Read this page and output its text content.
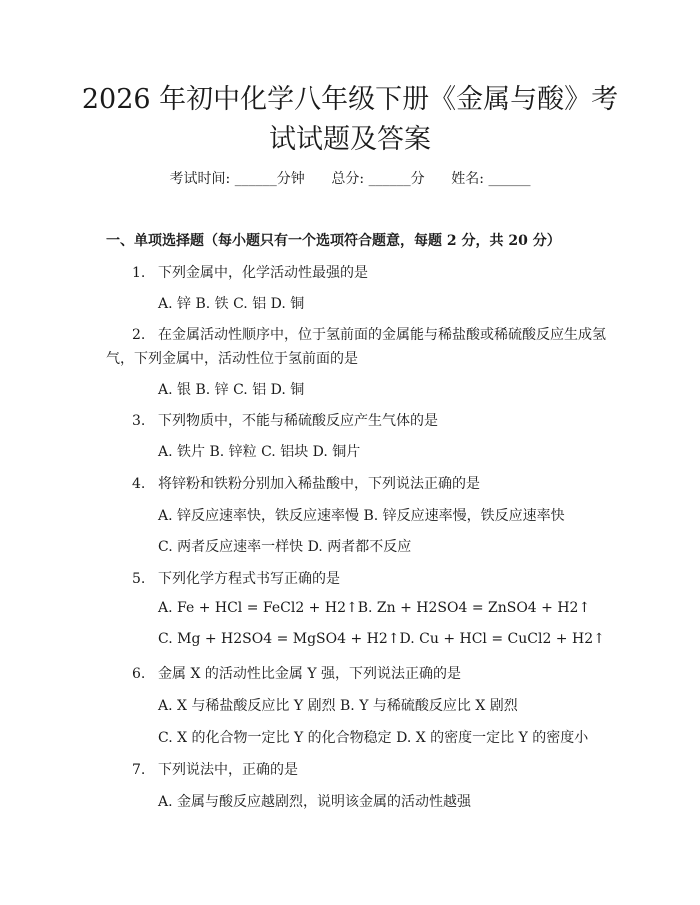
2026 年初中化学八年级下册《金属与酸》考
试试题及答案
考试时间: ______分钟      总分: ______分      姓名: ______
一、单项选择题（每小题只有一个选项符合题意，每题 2 分，共 20 分）
1. 下列金属中，化学活动性最强的是
A. 锌 B. 铁 C. 铝 D. 铜
2. 在金属活动性顺序中，位于氢前面的金属能与稀盐酸或稀硫酸反应生成氢
气，下列金属中，活动性位于氢前面的是
A. 银 B. 锌 C. 铝 D. 铜
3. 下列物质中，不能与稀硫酸反应产生气体的是
A. 铁片 B. 锌粒 C. 铝块 D. 铜片
4. 将锌粉和铁粉分别加入稀盐酸中，下列说法正确的是
A. 锌反应速率快，铁反应速率慢 B. 锌反应速率慢，铁反应速率快
C. 两者反应速率一样快 D. 两者都不反应
5. 下列化学方程式书写正确的是
A. Fe + HCl = FeCl2 + H2↑B. Zn + H2SO4 = ZnSO4 + H2↑
C. Mg + H2SO4 = MgSO4 + H2↑D. Cu + HCl = CuCl2 + H2↑
6. 金属 X 的活动性比金属 Y 强，下列说法正确的是
A. X 与稀盐酸反应比 Y 剧烈 B. Y 与稀硫酸反应比 X 剧烈
C. X 的化合物一定比 Y 的化合物稳定 D. X 的密度一定比 Y 的密度小
7. 下列说法中，正确的是
A. 金属与酸反应越剧烈，说明该金属的活动性越强
